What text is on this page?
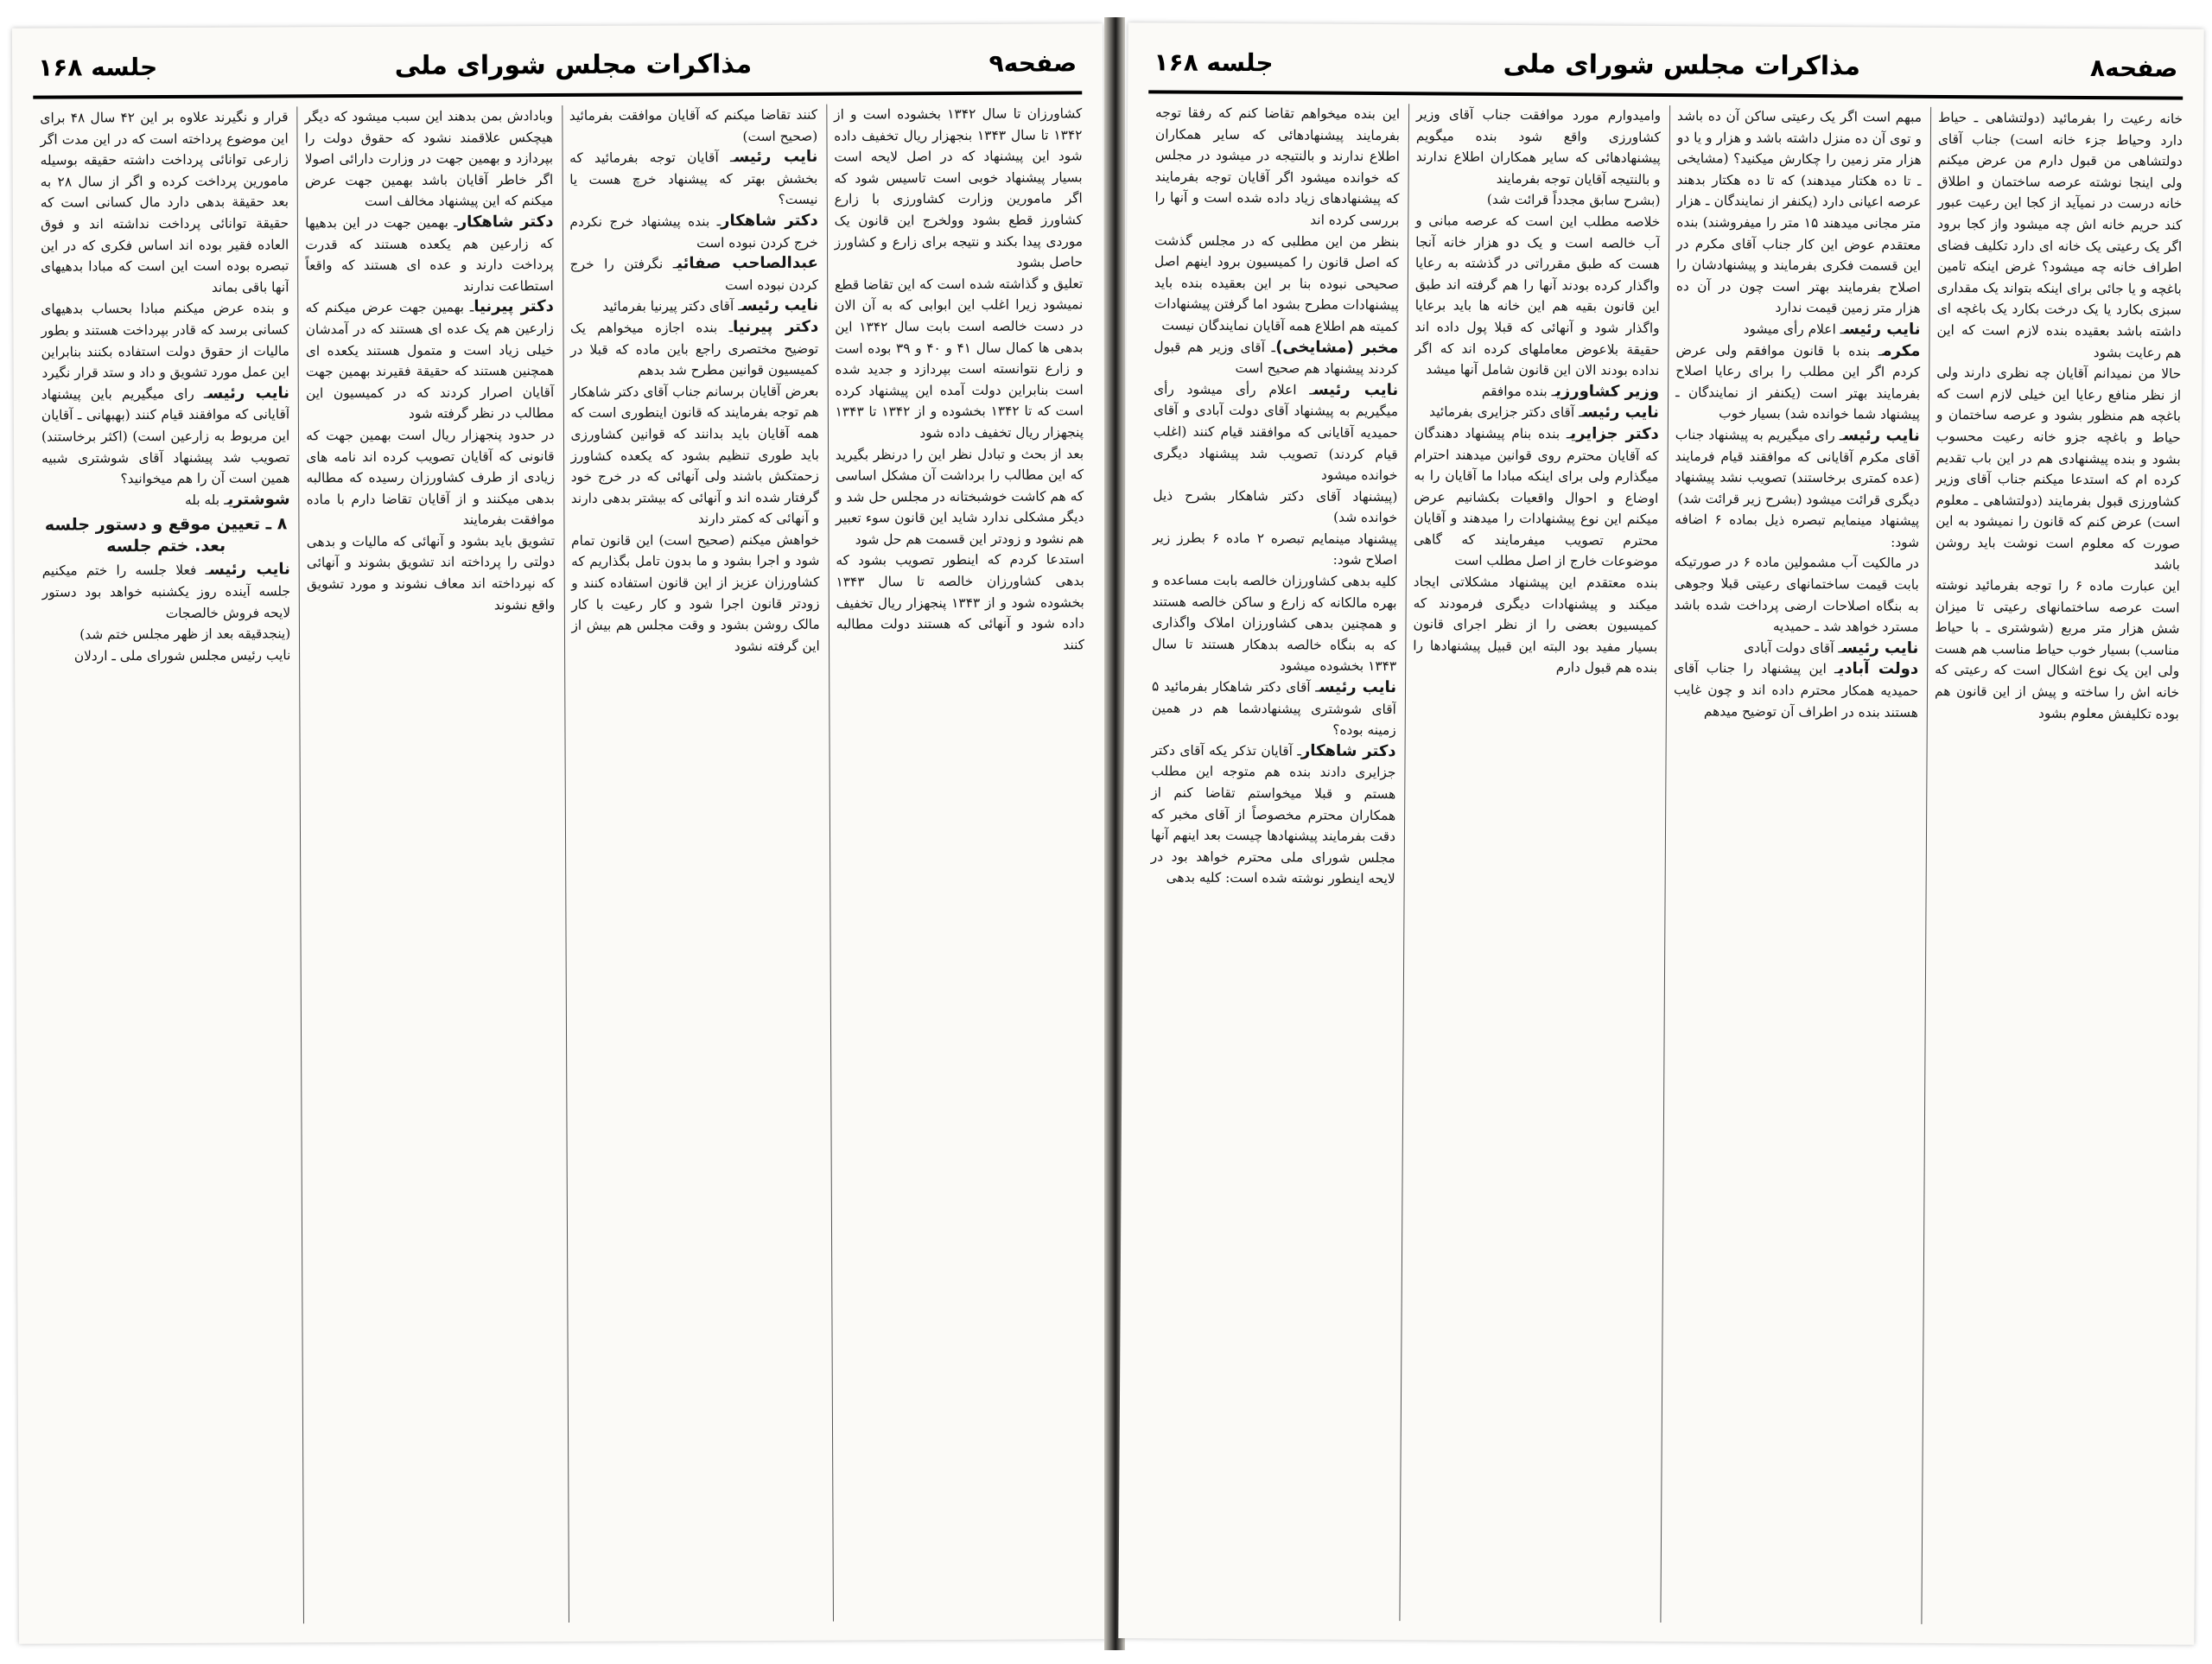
صفحه۹
مذاکرات مجلس شورای ملی
جلسه ۱۶۸

کشاورزان تا سال ۱۳۴۲ بخشوده است و از ۱۳۴۲ تا سال ۱۳۴۳ بنجهزار ریال تخفیف داده شود این پیشنهاد که در اصل لایحه است بسیار پیشنهاد خوبی است تاسیس شود که اگر مامورین وزارت کشاورزی با زارع کشاورز قطع بشود وولخرج این قانون یک موردی پیدا بکند و نتیجه برای زارع و کشاورز حاصل بشود

تعلیق و گذاشته شده است که این تقاضا قطع نمیشود زیرا اغلب این ابوابی که به آن الان در دست خالصه است بابت سال ۱۳۴۲ این بدهی ها کمال سال ۴۱ و ۴۰ و ۳۹ بوده است و زارع نتوانسته است بپردازد و جدید شده است بنابراین دولت آمده این پیشنهاد کرده است که تا ۱۳۴۲ بخشوده و از ۱۳۴۲ تا ۱۳۴۳ پنجهزار ریال تخفیف داده شود

بعد از بحث و تبادل نظر این را درنظر بگیرید که این مطالب را برداشت آن مشکل اساسی که هم کاشت خوشبختانه در مجلس حل شد و دیگر مشکلی ندارد شاید این قانون سوء تعبیر هم نشود و زودتر این قسمت هم حل شود

استدعا کردم که اینطور تصویب بشود که بدهی کشاورزان خالصه تا سال ۱۳۴۳ بخشوده شود و از ۱۳۴۳ پنجهزار ریال تخفیف داده شود و آنهائی که هستند دولت مطالبه کنند

کنند تقاضا میکنم که آقایان موافقت بفرمائید (صحیح است)

نایب رئیسـ آقایان توجه بفرمائید که بخشش بهتر که پیشنهاد خرچ هست یا نیست؟

دکتر شاهکارـ بنده پیشنهاد خرج نکردم خرج کردن نبوده است

عبدالصاحب صفائیـ نگرفتن را خرج کردن نبوده است

نایب رئیسـ آقای دکتر پیرنیا بفرمائید

دکتر پیرنیاـ بنده اجازه میخواهم یک توضیح مختصری راجع باین ماده که قبلا در کمیسیون قوانین مطرح شد بدهم

بعرض آقایان برسانم جناب آقای دکتر شاهکار هم توجه بفرمایند که قانون اینطوری است که همه آقایان باید بدانند که قوانین کشاورزی باید طوری تنظیم بشود که یکعده کشاورز زحمتکش باشند ولی آنهائی که در خرج خود گرفتار شده اند و آنهائی که بیشتر بدهی دارند و آنهائی که کمتر دارند

خواهش میکنم (صحیح است) این قانون تمام شود و اجرا بشود و ما بدون تامل بگذاریم که کشاورزان عزیز از این قانون استفاده کنند و زودتر قانون اجرا شود و کار رعیت با کار مالک روشن بشود و وقت مجلس هم بیش از این گرفته نشود

وبادادش بمن بدهند این سبب میشود که دیگر هیچکس علاقمند نشود که حقوق دولت را بپردازد و بهمین جهت در وزارت دارائی اصولا اگر خاطر آقایان باشد بهمین جهت عرض میکنم که این پیشنهاد مخالف است

دکتر شاهکارـ بهمین جهت در این بدهیها که زارعین هم یکعده هستند که قدرت پرداخت دارند و عده ای هستند که واقعاً استطاعت ندارند

دکتر پیرنیاـ بهمین جهت عرض میکنم که زارعین هم یک عده ای هستند که در آمدشان خیلی زیاد است و متمول هستند یکعده ای همچنین هستند که حقیقة فقیرند بهمین جهت آقایان اصرار کردند که در کمیسیون این مطالب در نظر گرفته شود

در حدود پنجهزار ریال است بهمین جهت که قانونی که آقایان تصویب کرده اند نامه های زیادی از طرف کشاورزان رسیده که مطالبه بدهی میکنند و از آقایان تقاضا دارم با ماده موافقت بفرمایند

تشویق باید بشود و آنهائی که مالیات و بدهی دولتی را پرداخته اند تشویق بشوند و آنهائی که نپرداخته اند معاف نشوند و مورد تشویق واقع نشوند

قرار و نگیرند علاوه بر این ۴۲ سال ۴۸ برای این موضوع پرداخته است که در این مدت اگر زارعی توانائی پرداخت داشته حقیقه بوسیله مامورین پرداخت کرده و اگر از سال ۲۸ به بعد حقیقة بدهی دارد مال کسانی است که حقیقة توانائی پرداخت نداشته اند و فوق العاده فقیر بوده اند اساس فکری که در این تبصره بوده است این است که مبادا بدهیهای آنها باقی بماند

و بنده عرض میکنم مبادا بحساب بدهیهای کسانی برسد که قادر بپرداخت هستند و بطور مالیات از حقوق دولت استفاده بکنند بنابراین این عمل مورد تشویق و داد و ستد قرار نگیرد

نایب رئیسـ رای میگیریم باین پیشنهاد آقایانی که موافقند قیام کنند (بهبهانی ـ آقایان این مربوط به زارعین است) (اکثر برخاستند) تصویب شد پیشنهاد آقای شوشتری شبیه همین است آن را هم میخوانید؟

شوشتریـ بله بله

۸ ـ تعیین موقع و دستور جلسه بعد. ختم جلسه

نایب رئیسـ فعلا جلسه را ختم میکنیم جلسه آینده روز یکشنبه خواهد بود دستور لایحه فروش خالصجات

(ینجدقیقه بعد از ظهر مجلس ختم شد)

نایب رئیس مجلس شورای ملی ـ اردلان

صفحه۸
مذاکرات مجلس شورای ملی
جلسه ۱۶۸

خانه رعیت را بفرمائید (دولتشاهی ـ حیاط دارد وحیاط جزء خانه است) جناب آقای دولتشاهی من قبول دارم من عرض میکنم ولی اینجا نوشته عرصه ساختمان و اطلاق خانه درست در نمیآید از کجا این رعیت عبور کند حریم خانه اش چه میشود واز کجا برود اگر یک رعیتی یک خانه ای دارد تکلیف فضای اطراف خانه چه میشود؟ غرض اینکه تامین باغچه و یا جائی برای اینکه بتواند یک مقداری سبزی بکارد یا یک درخت بکارد یک باغچه ای داشته باشد بعقیده بنده لازم است که این هم رعایت بشود

حالا من نمیدانم آقایان چه نظری دارند ولی از نظر منافع رعایا این خیلی لازم است که باغچه هم منظور بشود و عرصه ساختمان و حیاط و باغچه جزو خانه رعیت محسوب بشود و بنده پیشنهادی هم در این باب تقدیم کرده ام که استدعا میکنم جناب آقای وزیر کشاورزی قبول بفرمایند (دولتشاهی ـ معلوم است) عرض کنم که قانون را نمیشود به این صورت که معلوم است نوشت باید روشن باشد

این عبارت ماده ۶ را توجه بفرمائید نوشته است عرصه ساختمانهای رعیتی تا میزان شش هزار متر مربع (شوشتری ـ با حیاط مناسب) بسیار خوب حیاط مناسب هم هست ولی این یک نوع اشکال است که رعیتی که خانه اش را ساخته و پیش از این قانون هم بوده تکلیفش معلوم بشود

مبهم است اگر یک رعیتی ساکن آن ده باشد و توی آن ده منزل داشته باشد و هزار و یا دو هزار متر زمین را چکارش میکنید؟ (مشایخی ـ تا ده هکتار میدهند) که تا ده هکتار بدهند عرصه اعیانی دارد (یکنفر از نمایندگان ـ هزار متر مجانی میدهند ۱۵ متر را میفروشند) بنده معتقدم عوض این کار جناب آقای مکرم در این قسمت فکری بفرمایند و پیشنهادشان را اصلاح بفرمایند بهتر است چون در آن ده هزار متر زمین قیمت ندارد

نایب رئیسـ اعلام رأی میشود

مکرمـ بنده با قانون موافقم ولی عرض کردم اگر این مطلب را برای رعایا اصلاح بفرمایند بهتر است (یکنفر از نمایندگان ـ پیشنهاد شما خوانده شد) بسیار خوب

نایب رئیسـ رای میگیریم به پیشنهاد جناب آقای مکرم آقایانی که موافقند قیام فرمایند (عده کمتری برخاستند) تصویب نشد پیشنهاد دیگری قرائت میشود (بشرح زیر قرائت شد)

پیشنهاد مینمایم تبصره ذیل بماده ۶ اضافه شود:

در مالکیت آب مشمولین ماده ۶ در صورتیکه بابت قیمت ساختمانهای رعیتی قبلا وجوهی به بنگاه اصلاحات ارضی پرداخت شده باشد مسترد خواهد شد ـ حمیدیه

نایب رئیسـ آقای دولت آبادی

دولت آبادیـ این پیشنهاد را جناب آقای حمیدیه همکار محترم داده اند و چون غایب هستند بنده در اطراف آن توضیح میدهم

وامیدوارم مورد موافقت جناب آقای وزیر کشاورزی واقع شود بنده میگویم پیشنهادهائی که سایر همکاران اطلاع ندارند و بالنتیجه آقایان توجه بفرمایند

(بشرح سابق مجدداً قرائت شد)

خلاصه مطلب این است که عرصه مبانی و آب خالصه است و یک دو هزار خانه آنجا هست که طبق مقرراتی در گذشته به رعایا واگذار کرده بودند آنها را هم گرفته اند طبق این قانون بقیه هم این خانه ها باید برعایا واگذار شود و آنهائی که قبلا پول داده اند حقیقة بلاعوض معاملهای کرده اند که اگر نداده بودند الان این قانون شامل آنها میشد

وزیر کشاورزیـ بنده موافقم

نایب رئیسـ آقای دکتر جزایری بفرمائید

دکتر جزایریـ بنده بنام پیشنهاد دهندگان که آقایان محترم روی قوانین میدهند احترام میگذارم ولی برای اینکه مبادا ما آقایان را به اوضاع و احوال واقعیات بکشانیم عرض میکنم این نوع پیشنهادات را میدهند و آقایان محترم تصویب میفرمایند که گاهی موضوعات خارج از اصل مطلب است

بنده معتقدم این پیشنهاد مشکلاتی ایجاد میکند و پیشنهادات دیگری فرمودند که کمیسیون بعضی را از نظر اجرای قانون بسیار مفید بود البته این قبیل پیشنهادها را بنده هم قبول دارم

این بنده میخواهم تقاضا کنم که رفقا توجه بفرمایند پیشنهادهائی که سایر همکاران اطلاع ندارند و بالنتیجه در میشود در مجلس که خوانده میشود اگر آقایان توجه بفرمایند که پیشنهادهای زیاد داده شده است و آنها را بررسی کرده اند

بنظر من این مطلبی که در مجلس گذشت که اصل قانون را کمیسیون برود اینهم اصل صحیحی نبوده بنا بر این بعقیده بنده باید پیشنهادات مطرح بشود اما گرفتن پیشنهادات کمیته هم اطلاع همه آقایان نمایندگان نیست

مخبر (مشایخی)ـ آقای وزیر هم قبول کردند پیشنهاد هم صحیح است

نایب رئیسـ اعلام رأی میشود رأی میگیریم به پیشنهاد آقای دولت آبادی و آقای حمیدیه آقایانی که موافقند قیام کنند (اغلب قیام کردند) تصویب شد پیشنهاد دیگری خوانده میشود

(پیشنهاد آقای دکتر شاهکار بشرح ذیل خوانده شد)

پیشنهاد مینمایم تبصره ۲ ماده ۶ بطرز زیر اصلاح شود:

کلیه بدهی کشاورزان خالصه بابت مساعده و بهره مالکانه که زارع و ساکن خالصه هستند و همچنین بدهی کشاورزان املاک واگذاری که به بنگاه خالصه بدهکار هستند تا سال ۱۳۴۳ بخشوده میشود

نایب رئیسـ آقای دکتر شاهکار بفرمائید ۵ آقای شوشتری پیشنهادشما هم در همین زمینه بوده؟

دکتر شاهکارـ آقایان تذکر یکه آقای دکتر جزایری دادند بنده هم متوجه این مطلب هستم و قبلا میخواستم تقاضا کنم از همکاران محترم مخصوصاً از آقای مخبر که دقت بفرمایند پیشنهادها چیست بعد اینهم آنها مجلس شورای ملی محترم خواهد بود در لایحه اینطور نوشته شده است: کلیه بدهی
